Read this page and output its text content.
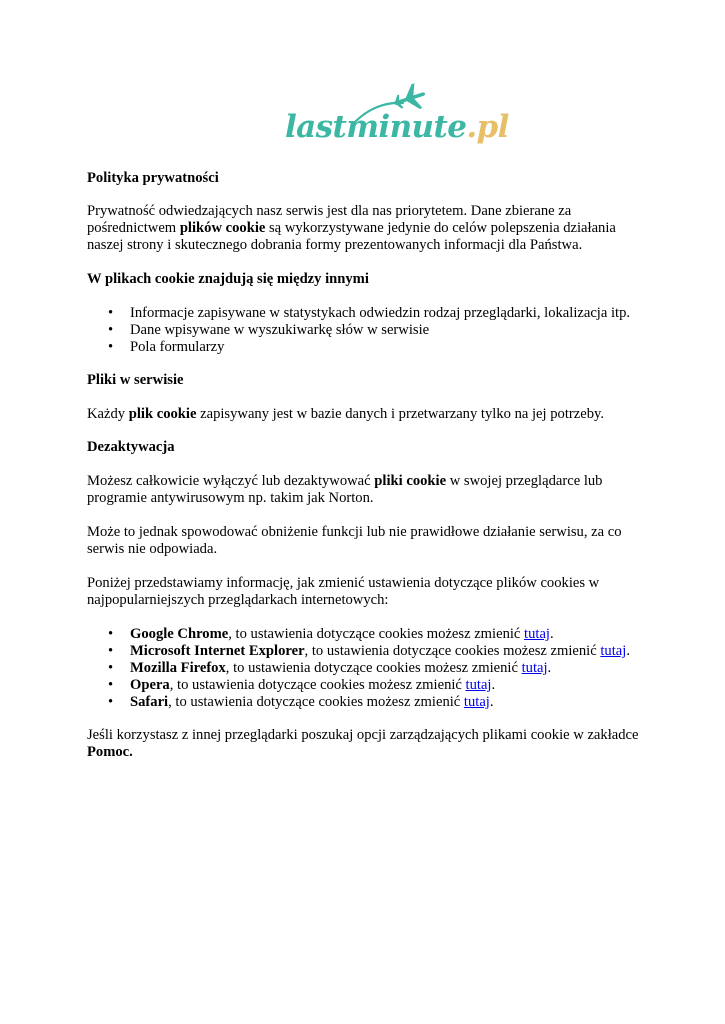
lastminute.pl
Polityka prywatności

Prywatność odwiedzających nasz serwis jest dla nas priorytetem. Dane zbierane za pośrednictwem plików cookie są wykorzystywane jedynie do celów polepszenia działania naszej strony i skutecznego dobrania formy prezentowanych informacji dla Państwa.

W plikach cookie znajdują się między innymi
• Informacje zapisywane w statystykach odwiedzin rodzaj przeglądarki, lokalizacja itp.
• Dane wpisywane w wyszukiwarkę słów w serwisie
• Pola formularzy
Pliki w serwisie

Każdy plik cookie zapisywany jest w bazie danych i przetwarzany tylko na jej potrzeby.

Dezaktywacja

Możesz całkowicie wyłączyć lub dezaktywować pliki cookie w swojej przeglądarce lub programie antywirusowym np. takim jak Norton.

Może to jednak spowodować obniżenie funkcji lub nie prawidłowe działanie serwisu, za co serwis nie odpowiada.

Poniżej przedstawiamy informację, jak zmienić ustawienia dotyczące plików cookies w najpopularniejszych przeglądarkach internetowych:

• Google Chrome, to ustawienia dotyczące cookies możesz zmienić tutaj.
• Microsoft Internet Explorer, to ustawienia dotyczące cookies możesz zmienić tutaj.
• Mozilla Firefox, to ustawienia dotyczące cookies możesz zmienić tutaj.
• Opera, to ustawienia dotyczące cookies możesz zmienić tutaj.
• Safari, to ustawienia dotyczące cookies możesz zmienić tutaj.

Jeśli korzystasz z innej przeglądarki poszukaj opcji zarządzających plikami cookie w zakładce Pomoc.
